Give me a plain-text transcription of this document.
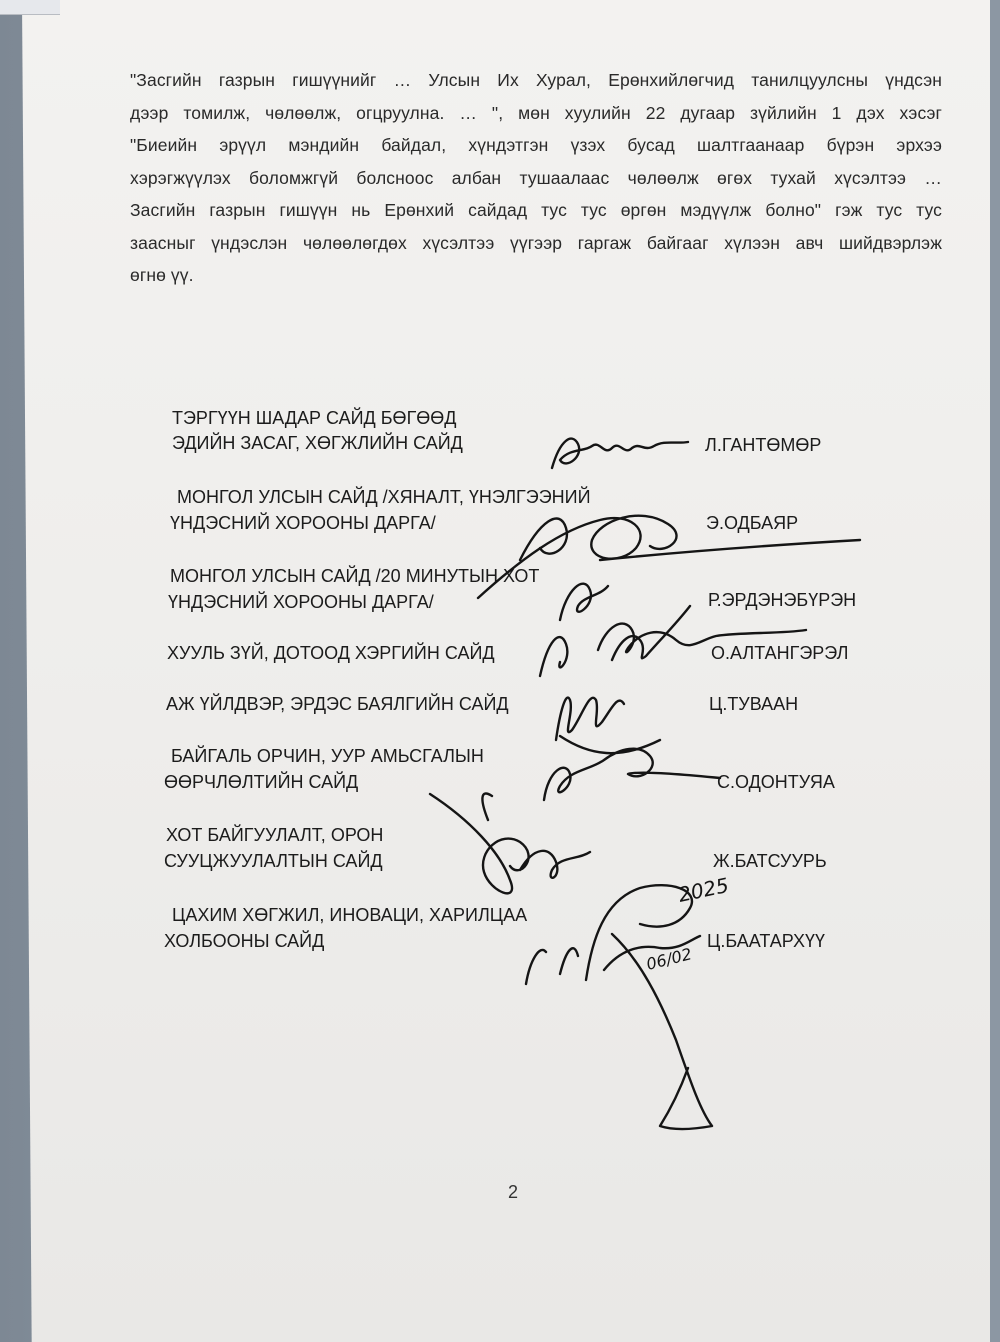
"Засгийн газрын гишүүнийг … Улсын Их Хурал, Ерөнхийлөгчид танилцуулсны үндсэн
дээр томилж, чөлөөлж, огцруулна. … ", мөн хуулийн 22 дугаар зүйлийн 1 дэх хэсэг
"Биеийн эрүүл мэндийн байдал, хүндэтгэн үзэх бусад шалтгаанаар бүрэн эрхээ
хэрэгжүүлэх боломжгүй болсноос албан тушаалаас чөлөөлж өгөх тухай хүсэлтээ …
Засгийн газрын гишүүн нь Ерөнхий сайдад тус тус өргөн мэдүүлж болно" гэж тус тус
заасныг үндэслэн чөлөөлөгдөх хүсэлтээ үүгээр гаргаж байгааг хүлээн авч шийдвэрлэж
өгнө үү.
ТЭРГҮҮН ШАДАР САЙД БӨГӨӨД
ЭДИЙН ЗАСАГ, ХӨГЖЛИЙН САЙД	Л.ГАНТӨМӨР
МОНГОЛ УЛСЫН САЙД /ХЯНАЛТ, ҮНЭЛГЭЭНИЙ
ҮНДЭСНИЙ ХОРООНЫ ДАРГА/	Э.ОДБАЯР
МОНГОЛ УЛСЫН САЙД /20 МИНУТЫН ХОТ
ҮНДЭСНИЙ ХОРООНЫ ДАРГА/	Р.ЭРДЭНЭБҮРЭН
ХУУЛЬ ЗҮЙ, ДОТООД ХЭРГИЙН САЙД	О.АЛТАНГЭРЭЛ
АЖ ҮЙЛДВЭР, ЭРДЭС БАЯЛГИЙН САЙД	Ц.ТУВААН
БАЙГАЛЬ ОРЧИН, УУР АМЬСГАЛЫН
ӨӨРЧЛӨЛТИЙН САЙД	С.ОДОНТУЯА
ХОТ БАЙГУУЛАЛТ, ОРОН
СУУЦЖУУЛАЛТЫН САЙД	Ж.БАТСУУРЬ
ЦАХИМ ХӨГЖИЛ, ИНОВАЦИ, ХАРИЛЦАА
ХОЛБООНЫ САЙД	Ц.БААТАРХҮҮ
2025
06/02
2
